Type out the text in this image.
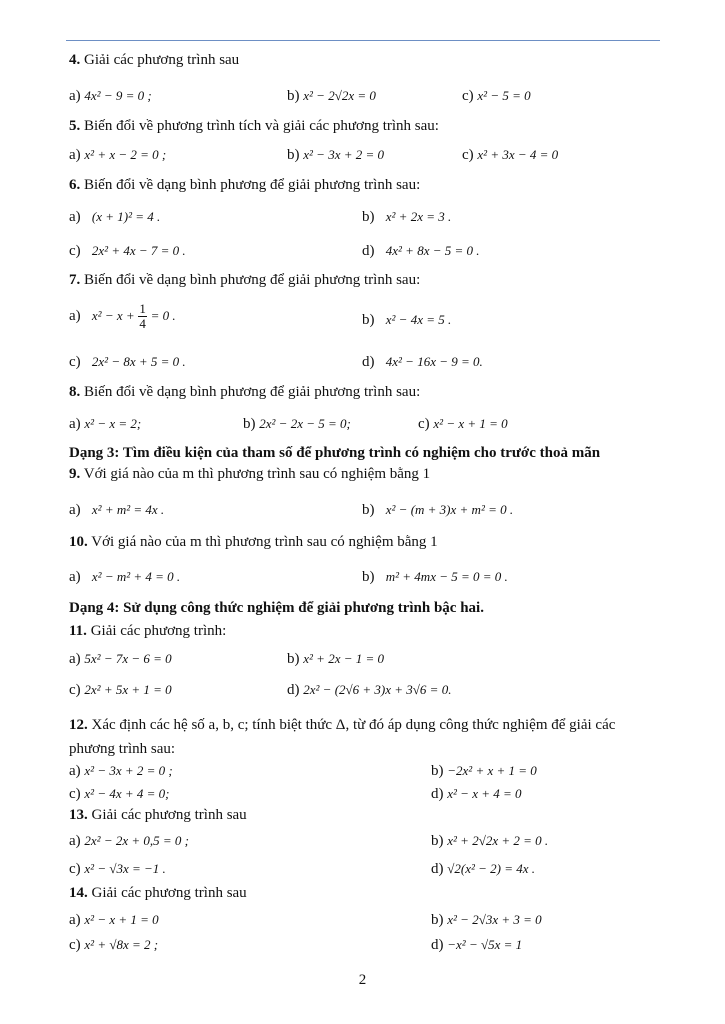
4. Giải các phương trình sau
a) 4x² − 9 = 0 ;	b) x² − 2√2x = 0	c) x² − 5 = 0
5. Biến đổi về phương trình tích và giải các phương trình sau:
a) x² + x − 2 = 0 ;	b) x² − 3x + 2 = 0	c) x² + 3x − 4 = 0
6. Biến đổi về dạng bình phương để giải phương trình sau:
a) (x + 1)² = 4 .	b) x² + 2x = 3 .
c) 2x² + 4x − 7 = 0 .	d) 4x² + 8x − 5 = 0 .
7. Biến đổi về dạng bình phương để giải phương trình sau:
a) $x^2 - x + \frac{1}{4} = 0$ .	b) x² − 4x = 5 .
c) 2x² − 8x + 5 = 0 .	d) 4x² − 16x − 9 = 0.
8. Biến đổi về dạng bình phương để giải phương trình sau:
a) x² − x = 2;	b) 2x² − 2x − 5 = 0;	c) x² − x + 1 = 0
Dạng 3: Tìm điều kiện của tham số để phương trình có nghiệm cho trước thoả mãn
9. Với giá nào của m thì phương trình sau có nghiệm bằng 1
a) x² + m² = 4x .	b) x² − (m + 3)x + m² = 0 .
10. Với giá nào của m thì phương trình sau có nghiệm bằng 1
a) x² − m² + 4 = 0 .	b) m² + 4mx − 5 = 0 = 0 .
Dạng 4: Sử dụng công thức nghiệm để giải phương trình bậc hai.
11. Giải các phương trình:
a) 5x² − 7x − 6 = 0	b) x² + 2x − 1 = 0
c) 2x² + 5x + 1 = 0	d) 2x² − (2√6 + 3)x + 3√6 = 0.
12. Xác định các hệ số a, b, c; tính biệt thức Δ, từ đó áp dụng công thức nghiệm để giải các
phương trình sau:
a) x² − 3x + 2 = 0 ;	b) −2x² + x + 1 = 0
c) x² − 4x + 4 = 0;	d) x² − x + 4 = 0
13. Giải các phương trình sau
a) 2x² − 2x + 0,5 = 0 ;	b) x² + 2√2x + 2 = 0 .
c) x² − √3x = −1 .	d) √2(x² − 2) = 4x .
14. Giải các phương trình sau
a) x² − x + 1 = 0	b) x² − 2√3x + 3 = 0
c) x² + √8x = 2 ;	d) −x² − √5x = 1
2
